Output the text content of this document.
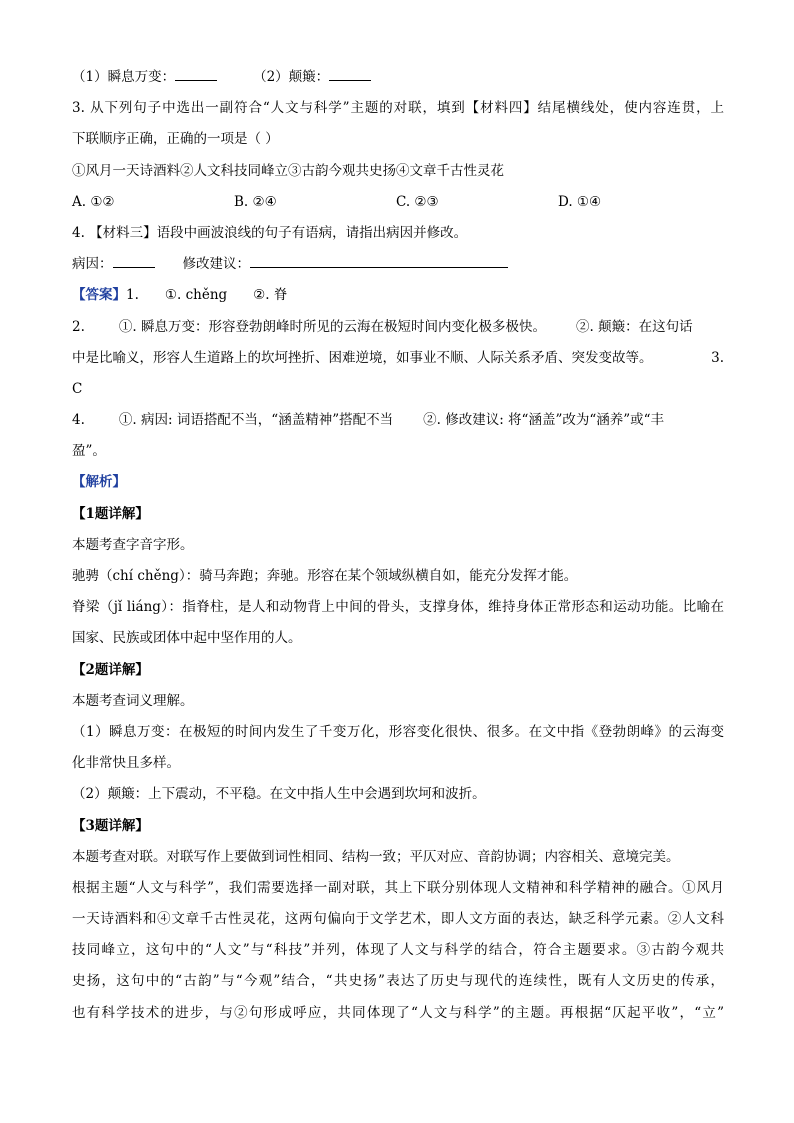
（1）瞬息万变：	（2）颠簸：
3. 从下列句子中选出一副符合“人文与科学”主题的对联，填到【材料四】结尾横线处，使内容连贯，上
下联顺序正确，正确的一项是（ ）
①风月一天诗酒料②人文科技同峰立③古韵今观共史扬④文章千古性灵花
A. ①②	B. ②④	C. ②③	D. ①④
4. 【材料三】语段中画波浪线的句子有语病，请指出病因并修改。
病因：	修改建议：
【答案】1. ①. chěng ②. 脊
2.	①. 瞬息万变：形容登勃朗峰时所见的云海在极短时间内变化极多极快。 ②. 颠簸：在这句话
中是比喻义，形容人生道路上的坎坷挫折、困难逆境，如事业不顺、人际关系矛盾、突发变故等。	3.
C
4.	①. 病因: 词语搭配不当，“涵盖精神”搭配不当 ②. 修改建议: 将“涵盖”改为“涵养”或“丰
盈”。
【解析】
【1题详解】
本题考查字音字形。
驰骋（chí chěng）：骑马奔跑；奔驰。形容在某个领域纵横自如，能充分发挥才能。
脊梁（jǐ liáng）：指脊柱，是人和动物背上中间的骨头，支撑身体，维持身体正常形态和运动功能。比喻在
国家、民族或团体中起中坚作用的人。
【2题详解】
本题考查词义理解。
（1）瞬息万变：在极短的时间内发生了千变万化，形容变化很快、很多。在文中指《登勃朗峰》的云海变
化非常快且多样。
（2）颠簸：上下震动，不平稳。在文中指人生中会遇到坎坷和波折。
【3题详解】
本题考查对联。对联写作上要做到词性相同、结构一致；平仄对应、音韵协调；内容相关、意境完美。
根据主题“人文与科学”，我们需要选择一副对联，其上下联分别体现人文精神和科学精神的融合。①风月
一天诗酒料和④文章千古性灵花，这两句偏向于文学艺术，即人文方面的表达，缺乏科学元素。②人文科
技同峰立，这句中的“人文”与“科技”并列，体现了人文与科学的结合，符合主题要求。③古韵今观共
史扬，这句中的“古韵”与“今观”结合，“共史扬”表达了历史与现代的连续性，既有人文历史的传承，
也有科学技术的进步，与②句形成呼应，共同体现了“人文与科学”的主题。再根据“仄起平收”，“立”
